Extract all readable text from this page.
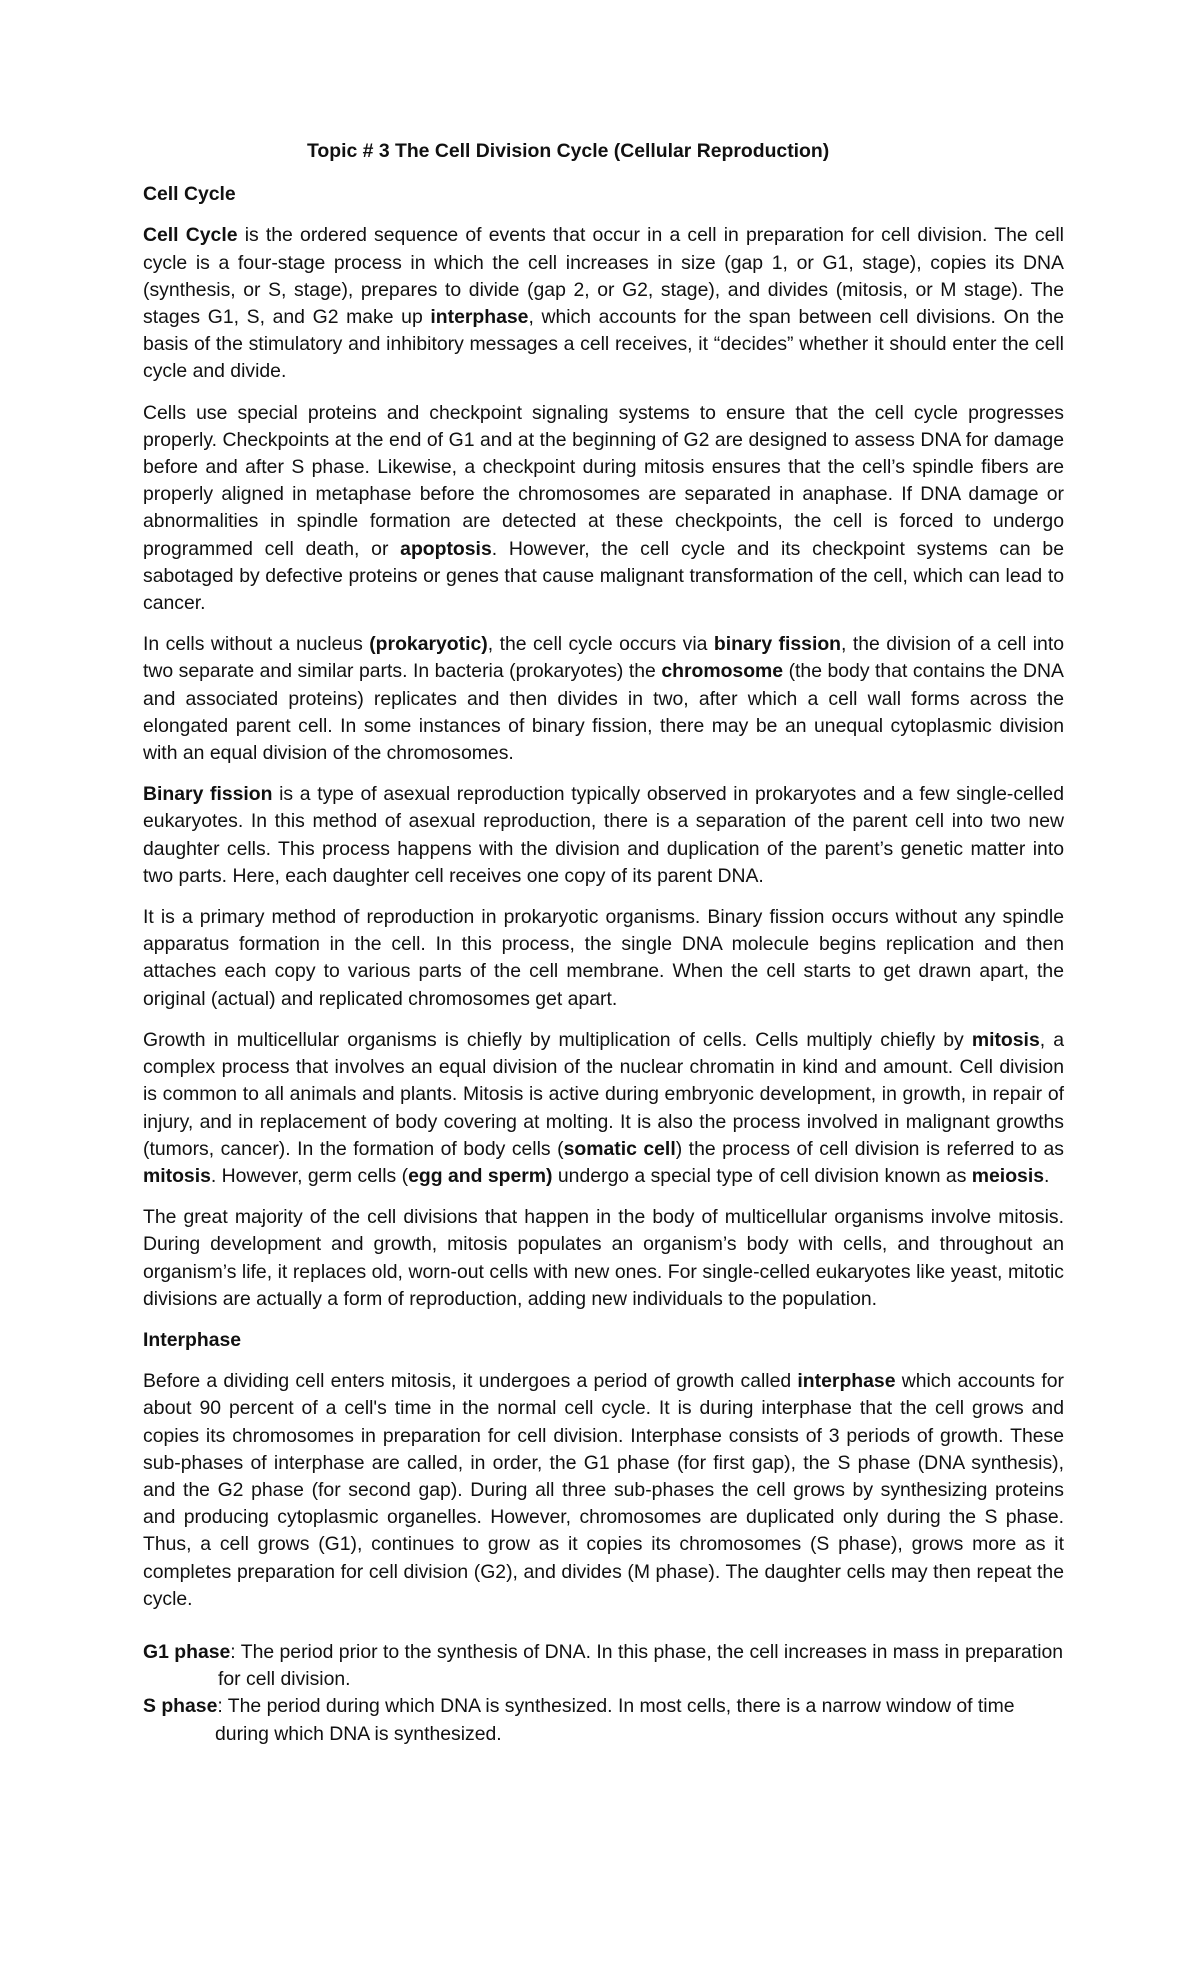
Topic # 3 The Cell Division Cycle (Cellular Reproduction)
Cell Cycle

Cell Cycle is the ordered sequence of events that occur in a cell in preparation for cell division. The cell cycle is a four-stage process in which the cell increases in size (gap 1, or G1, stage), copies its DNA (synthesis, or S, stage), prepares to divide (gap 2, or G2, stage), and divides (mitosis, or M stage). The stages G1, S, and G2 make up interphase, which accounts for the span between cell divisions. On the basis of the stimulatory and inhibitory messages a cell receives, it “decides” whether it should enter the cell cycle and divide.

Cells use special proteins and checkpoint signaling systems to ensure that the cell cycle progresses properly. Checkpoints at the end of G1 and at the beginning of G2 are designed to assess DNA for damage before and after S phase. Likewise, a checkpoint during mitosis ensures that the cell’s spindle fibers are properly aligned in metaphase before the chromosomes are separated in anaphase. If DNA damage or abnormalities in spindle formation are detected at these checkpoints, the cell is forced to undergo programmed cell death, or apoptosis. However, the cell cycle and its checkpoint systems can be sabotaged by defective proteins or genes that cause malignant transformation of the cell, which can lead to cancer.

In cells without a nucleus (prokaryotic), the cell cycle occurs via binary fission, the division of a cell into two separate and similar parts. In bacteria (prokaryotes) the chromosome (the body that contains the DNA and associated proteins) replicates and then divides in two, after which a cell wall forms across the elongated parent cell. In some instances of binary fission, there may be an unequal cytoplasmic division with an equal division of the chromosomes.

Binary fission is a type of asexual reproduction typically observed in prokaryotes and a few single-celled eukaryotes. In this method of asexual reproduction, there is a separation of the parent cell into two new daughter cells. This process happens with the division and duplication of the parent’s genetic matter into two parts. Here, each daughter cell receives one copy of its parent DNA.

It is a primary method of reproduction in prokaryotic organisms. Binary fission occurs without any spindle apparatus formation in the cell. In this process, the single DNA molecule begins replication and then attaches each copy to various parts of the cell membrane. When the cell starts to get drawn apart, the original (actual) and replicated chromosomes get apart.

Growth in multicellular organisms is chiefly by multiplication of cells. Cells multiply chiefly by mitosis, a complex process that involves an equal division of the nuclear chromatin in kind and amount. Cell division is common to all animals and plants. Mitosis is active during embryonic development, in growth, in repair of injury, and in replacement of body covering at molting. It is also the process involved in malignant growths (tumors, cancer). In the formation of body cells (somatic cell) the process of cell division is referred to as mitosis. However, germ cells (egg and sperm) undergo a special type of cell division known as meiosis.

The great majority of the cell divisions that happen in the body of multicellular organisms involve mitosis. During development and growth, mitosis populates an organism’s body with cells, and throughout an organism’s life, it replaces old, worn-out cells with new ones. For single-celled eukaryotes like yeast, mitotic divisions are actually a form of reproduction, adding new individuals to the population.

Interphase

Before a dividing cell enters mitosis, it undergoes a period of growth called interphase which accounts for about 90 percent of a cell's time in the normal cell cycle. It is during interphase that the cell grows and copies its chromosomes in preparation for cell division. Interphase consists of 3 periods of growth. These sub-phases of interphase are called, in order, the G1 phase (for first gap), the S phase (DNA synthesis), and the G2 phase (for second gap). During all three sub-phases the cell grows by synthesizing proteins and producing cytoplasmic organelles. However, chromosomes are duplicated only during the S phase. Thus, a cell grows (G1), continues to grow as it copies its chromosomes (S phase), grows more as it completes preparation for cell division (G2), and divides (M phase). The daughter cells may then repeat the cycle.

G1 phase: The period prior to the synthesis of DNA. In this phase, the cell increases in mass in preparation for cell division.

S phase: The period during which DNA is synthesized. In most cells, there is a narrow window of time during which DNA is synthesized.
